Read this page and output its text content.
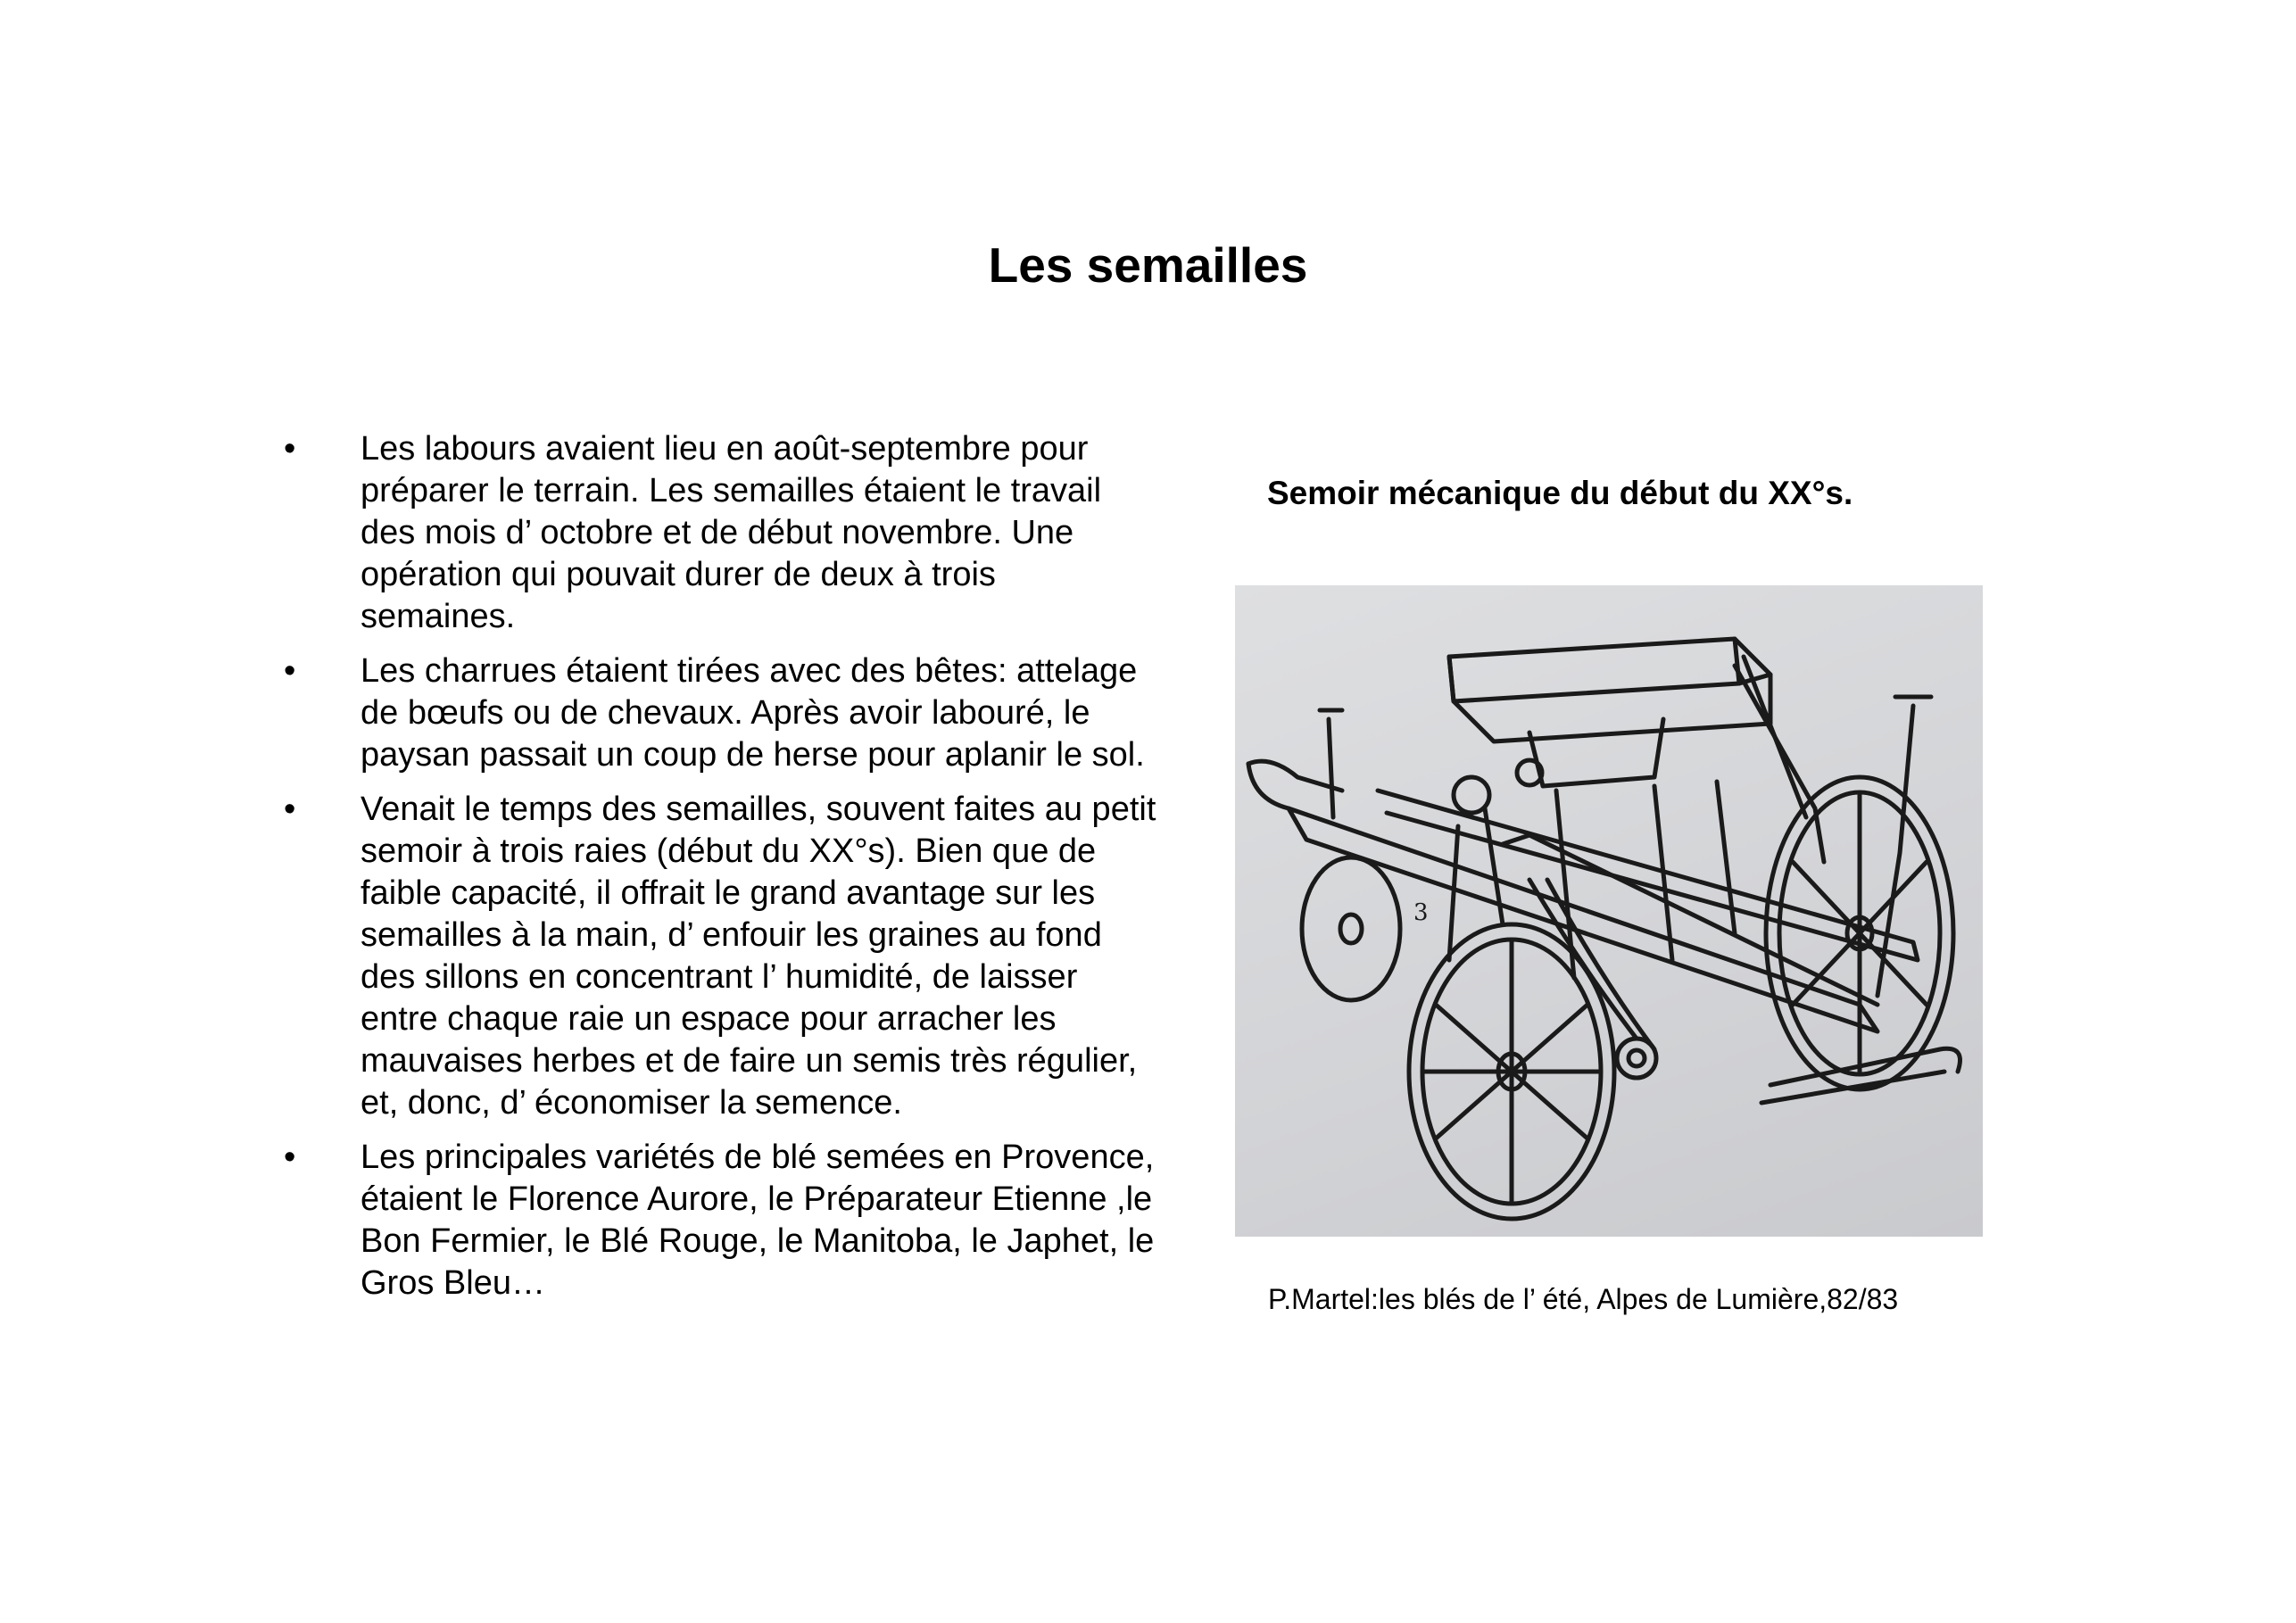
Les semailles
• Les labours avaient lieu en août-septembre pour préparer le terrain. Les semailles étaient le travail des mois d’ octobre et de début novembre. Une opération qui pouvait durer de deux à trois semaines.
• Les charrues étaient tirées avec des bêtes: attelage de bœufs ou de chevaux. Après avoir labouré, le paysan passait un coup de herse pour aplanir le sol.
• Venait le temps des semailles, souvent faites au petit semoir à trois raies (début du XX°s). Bien que de faible capacité, il offrait le grand avantage sur les semailles à la main, d’ enfouir les graines au fond des sillons en concentrant l’ humidité, de laisser entre chaque raie un espace pour arracher les mauvaises herbes et de faire un semis très régulier, et, donc, d’ économiser la semence.
• Les principales variétés de blé semées en Provence, étaient le Florence Aurore, le Préparateur Etienne ,le Bon Fermier, le Blé Rouge, le Manitoba, le Japhet, le Gros Bleu…
Semoir mécanique du début du XX°s.
3
P.Martel:les blés de l’ été, Alpes de Lumière,82/83
